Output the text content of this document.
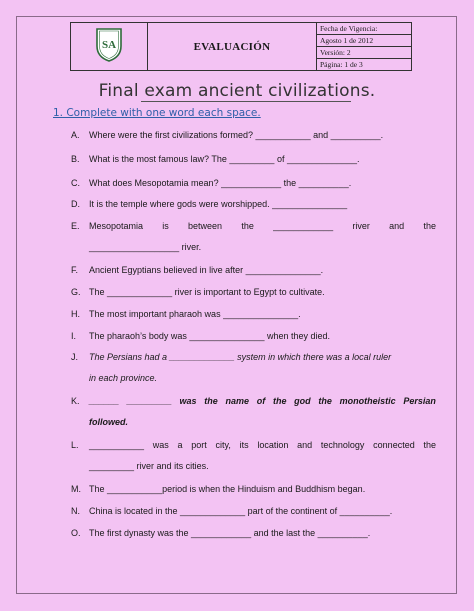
SA	EVALUACIÓN	Fecha de Vigencia:
Agosto 1 de 2012
Versión: 2
Página: 1 de 3
Final exam ancient civilizations.
1. Complete with one word each space.
A. Where were the first civilizations formed? ___________ and __________.
B. What is the most famous law? The _________ of ______________.
C. What does Mesopotamia mean? ____________ the __________.
D. It is the temple where gods were worshipped. _______________
E. Mesopotamia is between the ____________ river and the
__________________ river.
F. Ancient Egyptians believed in live after _______________.
G. The _____________ river is important to Egypt to cultivate.
H. The most important pharaoh was _______________.
I. The pharaoh’s body was _______________ when they died.
J. The Persians had a _____________ system in which there was a local ruler
in each province.
K. ______ _________ was the name of the god the monotheistic Persian
followed.
L. ___________ was a port city, its location and technology connected the
_________ river and its cities.
M. The ___________period is when the Hinduism and Buddhism began.
N. China is located in the _____________ part of the continent of __________.
O. The first dynasty was the ____________ and the last the __________.
